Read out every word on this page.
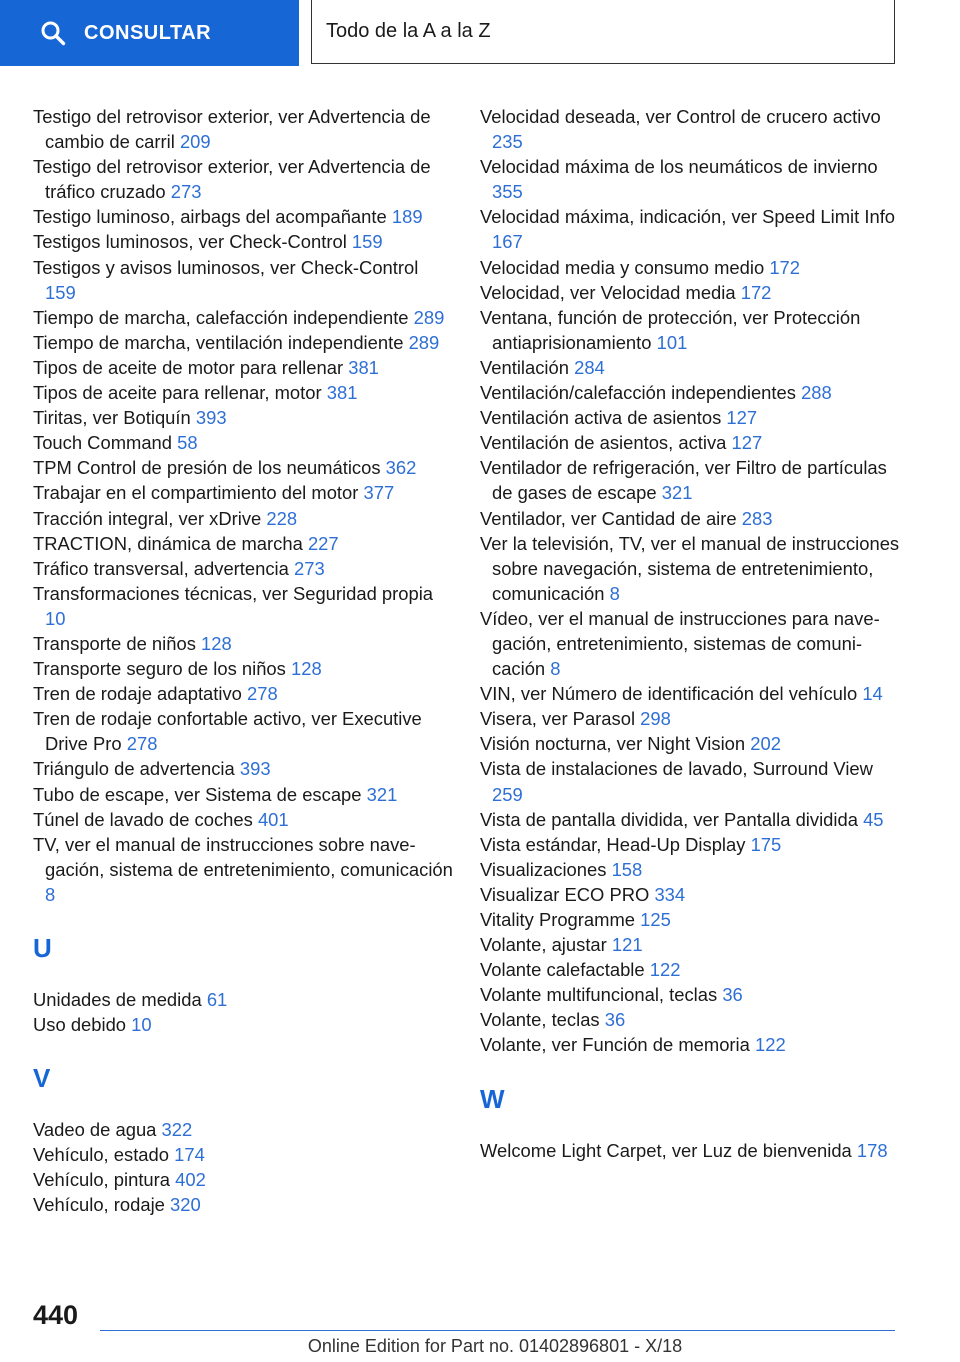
CONSULTAR	Todo de la A a la Z
Testigo del retrovisor exterior, ver Advertencia de cambio de carril 209
Testigo del retrovisor exterior, ver Advertencia de tráfico cruzado 273
Testigo luminoso, airbags del acompañante 189
Testigos luminosos, ver Check-Control 159
Testigos y avisos luminosos, ver Check-Control 159
Tiempo de marcha, calefacción independiente 289
Tiempo de marcha, ventilación independiente 289
Tipos de aceite de motor para rellenar 381
Tipos de aceite para rellenar, motor 381
Tiritas, ver Botiquín 393
Touch Command 58
TPM Control de presión de los neumáticos 362
Trabajar en el compartimiento del motor 377
Tracción integral, ver xDrive 228
TRACTION, dinámica de marcha 227
Tráfico transversal, advertencia 273
Transformaciones técnicas, ver Seguridad propia 10
Transporte de niños 128
Transporte seguro de los niños 128
Tren de rodaje adaptativo 278
Tren de rodaje confortable activo, ver Executive Drive Pro 278
Triángulo de advertencia 393
Tubo de escape, ver Sistema de escape 321
Túnel de lavado de coches 401
TV, ver el manual de instrucciones sobre navegación, sistema de entretenimiento, comunicación 8
U
Unidades de medida 61
Uso debido 10
V
Vadeo de agua 322
Vehículo, estado 174
Vehículo, pintura 402
Vehículo, rodaje 320
Velocidad deseada, ver Control de crucero activo 235
Velocidad máxima de los neumáticos de invierno 355
Velocidad máxima, indicación, ver Speed Limit Info 167
Velocidad media y consumo medio 172
Velocidad, ver Velocidad media 172
Ventana, función de protección, ver Protección antiaprisionamiento 101
Ventilación 284
Ventilación/calefacción independientes 288
Ventilación activa de asientos 127
Ventilación de asientos, activa 127
Ventilador de refrigeración, ver Filtro de partículas de gases de escape 321
Ventilador, ver Cantidad de aire 283
Ver la televisión, TV, ver el manual de instrucciones sobre navegación, sistema de entretenimiento, comunicación 8
Vídeo, ver el manual de instrucciones para navegación, entretenimiento, sistemas de comunicación 8
VIN, ver Número de identificación del vehículo 14
Visera, ver Parasol 298
Visión nocturna, ver Night Vision 202
Vista de instalaciones de lavado, Surround View 259
Vista de pantalla dividida, ver Pantalla dividida 45
Vista estándar, Head-Up Display 175
Visualizaciones 158
Visualizar ECO PRO 334
Vitality Programme 125
Volante, ajustar 121
Volante calefactable 122
Volante multifuncional, teclas 36
Volante, teclas 36
Volante, ver Función de memoria 122
W
Welcome Light Carpet, ver Luz de bienvenida 178
440
Online Edition for Part no. 01402896801 - X/18
